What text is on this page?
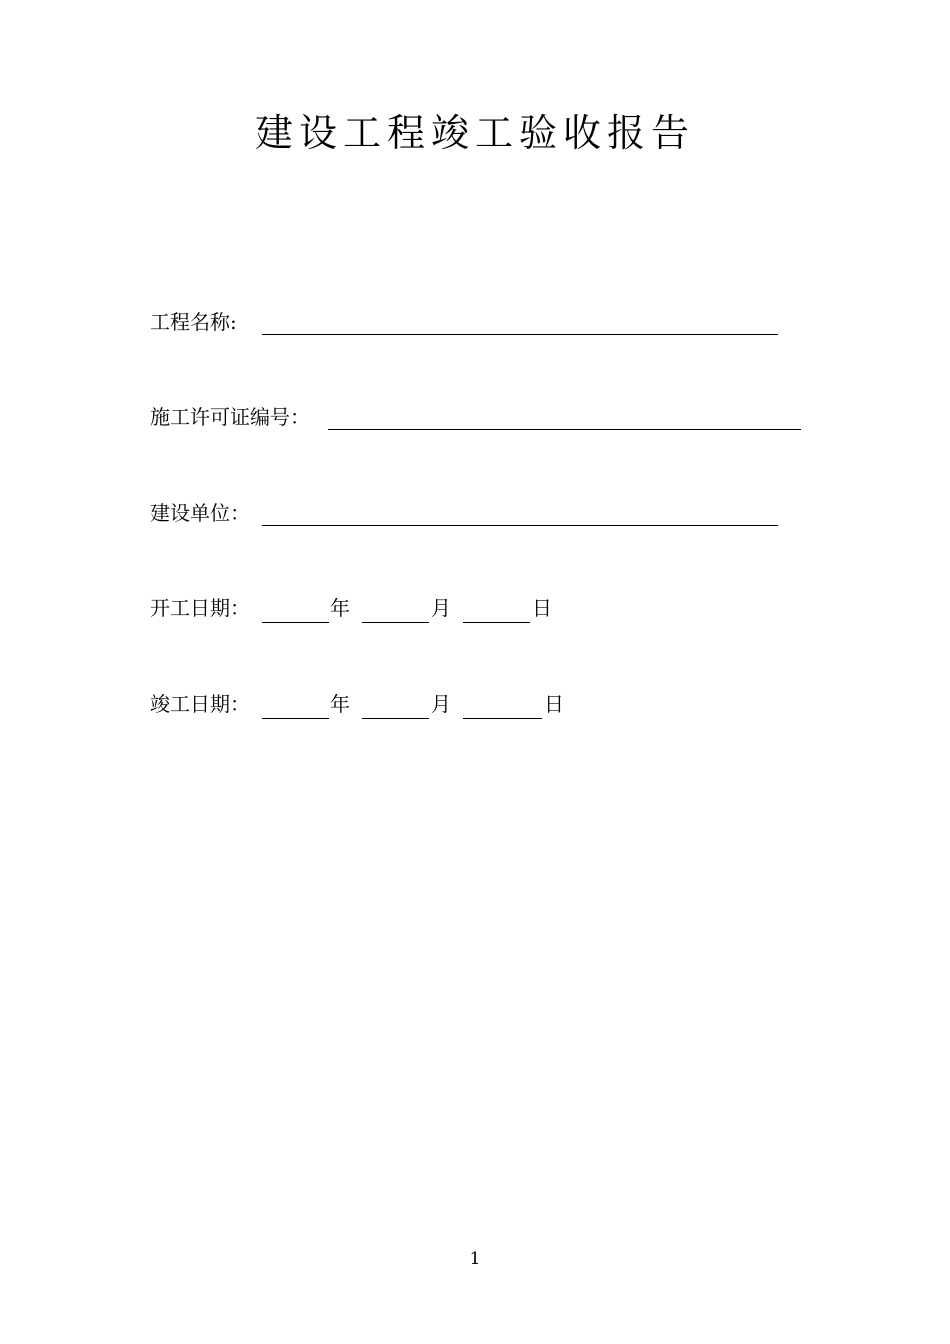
建设工程竣工验收报告
工程名称:
施工许可证编号：
建设单位：
开工日期：	年	月	日
竣工日期：	年	月	日
1
